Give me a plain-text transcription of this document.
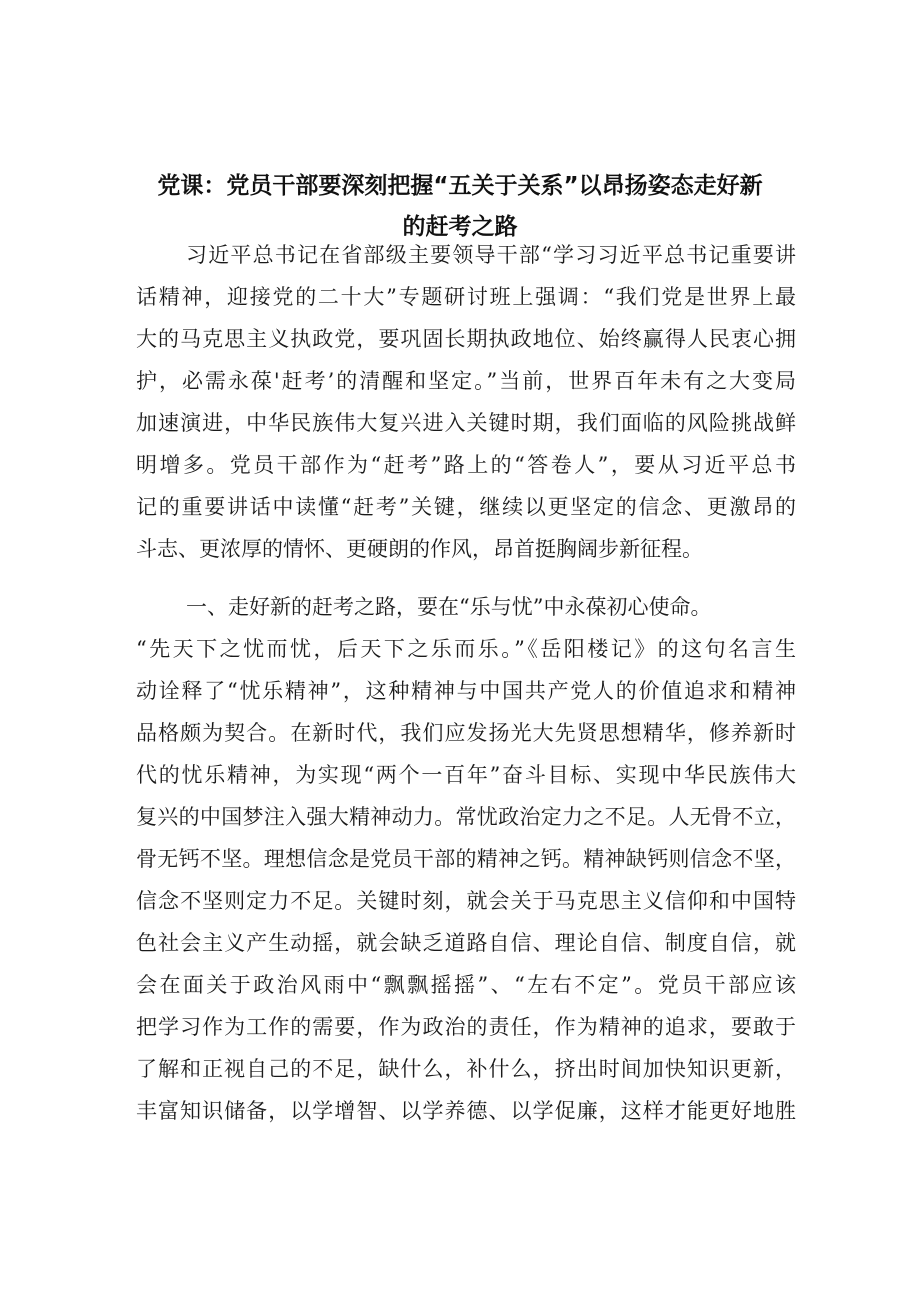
党课：党员干部要深刻把握“五关于关系”以昂扬姿态走好新
的赶考之路

习近平总书记在省部级主要领导干部“学习习近平总书记重要讲

话精神，迎接党的二十大”专题研讨班上强调：“我们党是世界上最

大的马克思主义执政党，要巩固长期执政地位、始终赢得人民衷心拥

护，必需永葆'赶考’的清醒和坚定。”当前，世界百年未有之大变局

加速演进，中华民族伟大复兴进入关键时期，我们面临的风险挑战鲜

明增多。党员干部作为“赶考”路上的“答卷人”，要从习近平总书

记的重要讲话中读懂“赶考”关键，继续以更坚定的信念、更激昂的

斗志、更浓厚的情怀、更硬朗的作风，昂首挺胸阔步新征程。

一、走好新的赶考之路，要在“乐与忧”中永葆初心使命。

“先天下之忧而忧，后天下之乐而乐。”《岳阳楼记》的这句名言生

动诠释了“忧乐精神”，这种精神与中国共产党人的价值追求和精神

品格颇为契合。在新时代，我们应发扬光大先贤思想精华，修养新时

代的忧乐精神，为实现“两个一百年”奋斗目标、实现中华民族伟大

复兴的中国梦注入强大精神动力。常忧政治定力之不足。人无骨不立，

骨无钙不坚。理想信念是党员干部的精神之钙。精神缺钙则信念不坚，

信念不坚则定力不足。关键时刻，就会关于马克思主义信仰和中国特

色社会主义产生动摇，就会缺乏道路自信、理论自信、制度自信，就

会在面关于政治风雨中“飘飘摇摇”、“左右不定”。党员干部应该

把学习作为工作的需要，作为政治的责任，作为精神的追求，要敢于

了解和正视自己的不足，缺什么，补什么，挤出时间加快知识更新，

丰富知识储备，以学增智、以学养德、以学促廉，这样才能更好地胜
